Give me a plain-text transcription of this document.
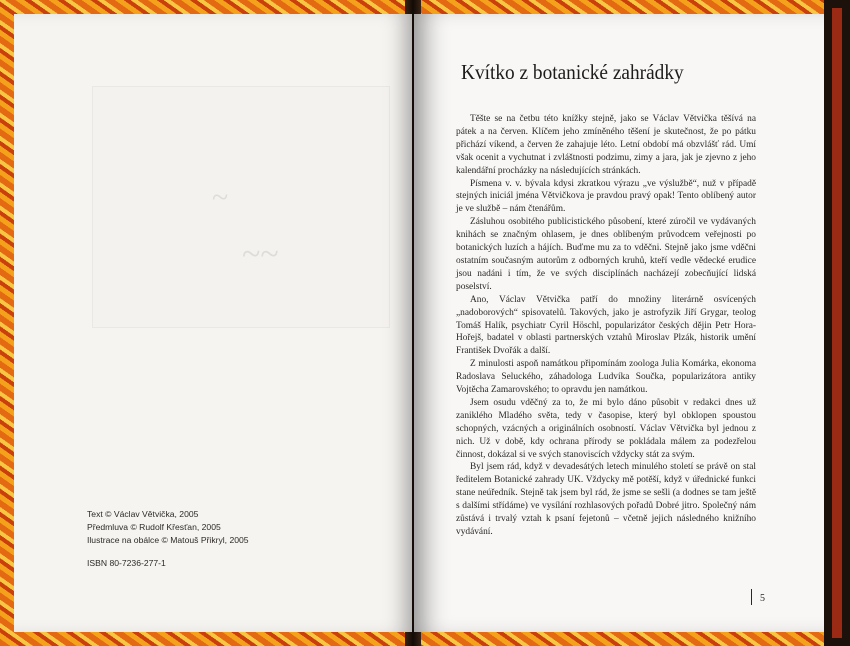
~
~~
Text © Václav Větvička, 2005
Předmluva © Rudolf Křesťan, 2005
Ilustrace na obálce © Matouš Přikryl, 2005
ISBN 80-7236-277-1
Kvítko z botanické zahrádky

Těšte se na četbu této knížky stejně, jako se Václav Větvička těšívá na pátek a na červen. Klíčem jeho zmíněného těšení je skutečnost, že po pátku přichází víkend, a červen že zahajuje léto. Letní období má obzvlášť rád. Umí však ocenit a vychutnat i zvláštnosti podzimu, zimy a jara, jak je zjevno z jeho kalendářní procházky na následujících stránkách.

Písmena v. v. bývala kdysi zkratkou výrazu „ve výslužbě“, nuž v případě stejných iniciál jména Větvičkova je pravdou pravý opak! Tento oblíbený autor je ve službě – nám čtenářům.

Zásluhou osobitého publicistického působení, které zúročil ve vydávaných knihách se značným ohlasem, je dnes oblíbeným průvodcem veřejnosti po botanických luzích a hájích. Buďme mu za to vděčni. Stejně jako jsme vděčni ostatním současným autorům z odborných kruhů, kteří vedle vědecké erudice jsou nadáni i tím, že ve svých disciplínách nacházejí zobecňující lidská poselství.

Ano, Václav Větvička patří do množiny literárně osvícených „nadoborových“ spisovatelů. Takových, jako je astrofyzik Jiří Grygar, teolog Tomáš Halík, psychiatr Cyril Höschl, popularizátor českých dějin Petr Hora-Hořejš, badatel v oblasti partnerských vztahů Miroslav Plzák, historik umění František Dvořák a další.

Z minulosti aspoň namátkou připomínám zoologa Julia Komárka, ekonoma Radoslava Seluckého, záhadologa Ludvíka Součka, popularizátora antiky Vojtěcha Zamarovského; to opravdu jen namátkou.

Jsem osudu vděčný za to, že mi bylo dáno působit v redakci dnes už zaniklého Mladého světa, tedy v časopise, který byl obklopen spoustou schopných, vzácných a originálních osobností. Václav Větvička byl jednou z nich. Už v době, kdy ochrana přírody se pokládala málem za podezřelou činnost, dokázal si ve svých stanoviscích vždycky stát za svým.

Byl jsem rád, když v devadesátých letech minulého století se právě on stal ředitelem Botanické zahrady UK. Vždycky mě potěší, když v úřednické funkci stane neúředník. Stejně tak jsem byl rád, že jsme se sešli (a dodnes se tam ještě s dalšími střídáme) ve vysílání rozhlasových pořadů Dobré jitro. Společný nám zůstává i trvalý vztah k psaní fejetonů – včetně jejich následného knižního vydávání.

5
